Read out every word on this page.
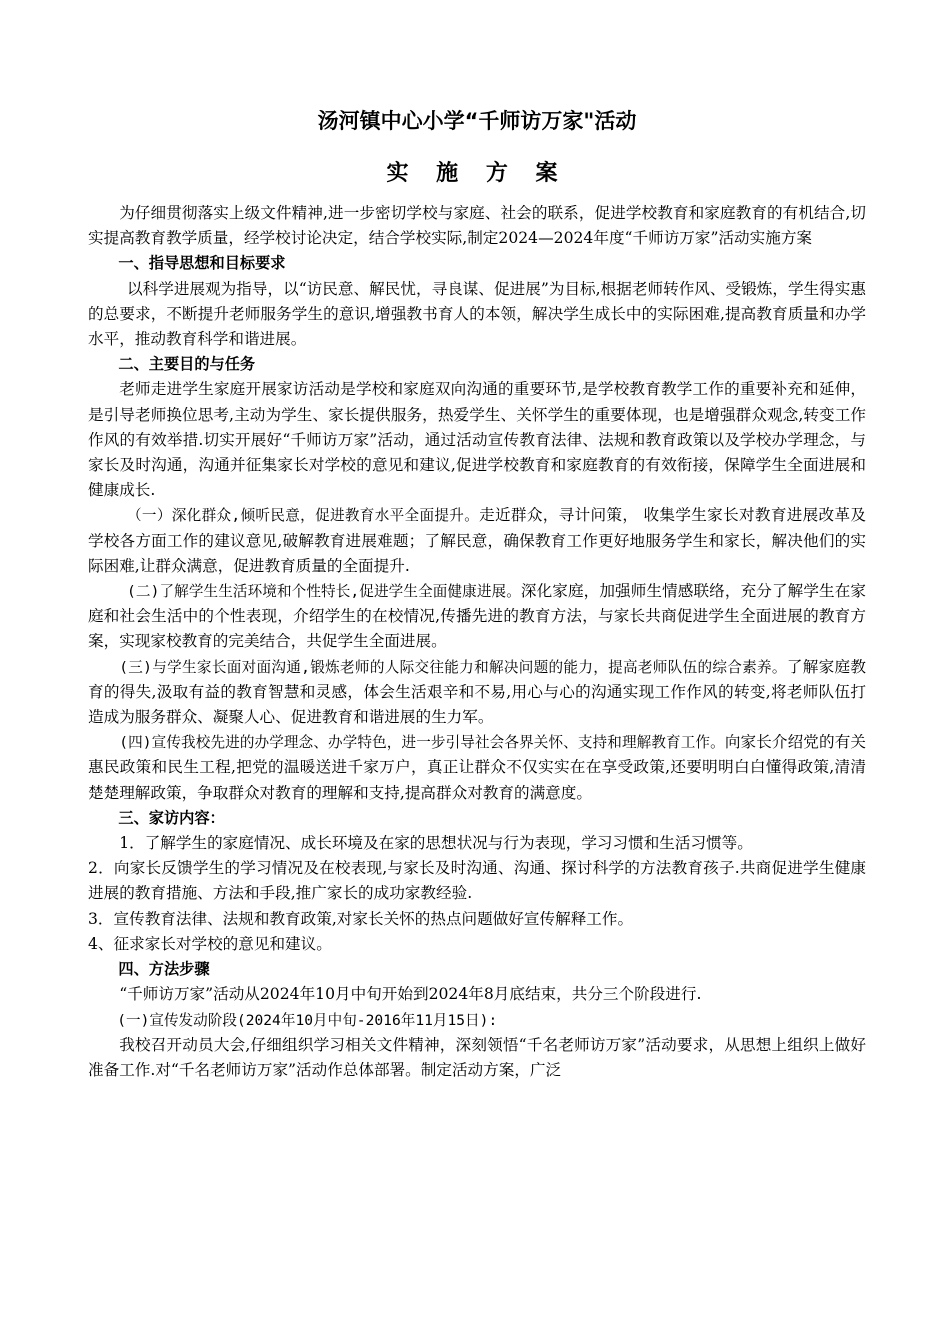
汤河镇中心小学“千师访万家"活动
实 施 方 案

为仔细贯彻落实上级文件精神,进一步密切学校与家庭、社会的联系，促进学校教育和家庭教育的有机结合,切实提高教育教学质量，经学校讨论决定，结合学校实际,制定2024—2024年度“千师访万家”活动实施方案

一、指导思想和目标要求

以科学进展观为指导，以“访民意、解民忧，寻良谋、促进展”为目标,根据老师转作风、受锻炼，学生得实惠的总要求，不断提升老师服务学生的意识,增强教书育人的本领，解决学生成长中的实际困难,提高教育质量和办学水平，推动教育科学和谐进展。

二、主要目的与任务

老师走进学生家庭开展家访活动是学校和家庭双向沟通的重要环节,是学校教育教学工作的重要补充和延伸，是引导老师换位思考,主动为学生、家长提供服务，热爱学生、关怀学生的重要体现，也是增强群众观念,转变工作作风的有效举措.切实开展好“千师访万家”活动，通过活动宣传教育法律、法规和教育政策以及学校办学理念，与家长及时沟通，沟通并征集家长对学校的意见和建议,促进学校教育和家庭教育的有效衔接，保障学生全面进展和健康成长.

（一）深化群众,倾听民意，促进教育水平全面提升。走近群众，寻计问策， 收集学生家长对教育进展改革及学校各方面工作的建议意见,破解教育进展难题；了解民意，确保教育工作更好地服务学生和家长，解决他们的实际困难,让群众满意，促进教育质量的全面提升.

(二)了解学生生活环境和个性特长,促进学生全面健康进展。深化家庭，加强师生情感联络，充分了解学生在家庭和社会生活中的个性表现，介绍学生的在校情况,传播先进的教育方法，与家长共商促进学生全面进展的教育方案，实现家校教育的完美结合，共促学生全面进展。

(三)与学生家长面对面沟通,锻炼老师的人际交往能力和解决问题的能力，提高老师队伍的综合素养。了解家庭教育的得失,汲取有益的教育智慧和灵感，体会生活艰辛和不易,用心与心的沟通实现工作作风的转变,将老师队伍打造成为服务群众、凝聚人心、促进教育和谐进展的生力军。

(四)宣传我校先进的办学理念、办学特色，进一步引导社会各界关怀、支持和理解教育工作。向家长介绍党的有关惠民政策和民生工程,把党的温暖送进千家万户，真正让群众不仅实实在在享受政策,还要明明白白懂得政策,清清楚楚理解政策，争取群众对教育的理解和支持,提高群众对教育的满意度。

三、家访内容：

1．了解学生的家庭情况、成长环境及在家的思想状况与行为表现，学习习惯和生活习惯等。

2．向家长反馈学生的学习情况及在校表现,与家长及时沟通、沟通、探讨科学的方法教育孩子.共商促进学生健康进展的教育措施、方法和手段,推广家长的成功家教经验.

3．宣传教育法律、法规和教育政策,对家长关怀的热点问题做好宣传解释工作。

4、征求家长对学校的意见和建议。

四、方法步骤

“千师访万家”活动从2024年10月中旬开始到2024年8月底结束，共分三个阶段进行.

(一)宣传发动阶段(2024年10月中旬-2016年11月15日):

我校召开动员大会,仔细组织学习相关文件精神，深刻领悟“千名老师访万家”活动要求，从思想上组织上做好准备工作.对“千名老师访万家”活动作总体部署。制定活动方案，广泛
